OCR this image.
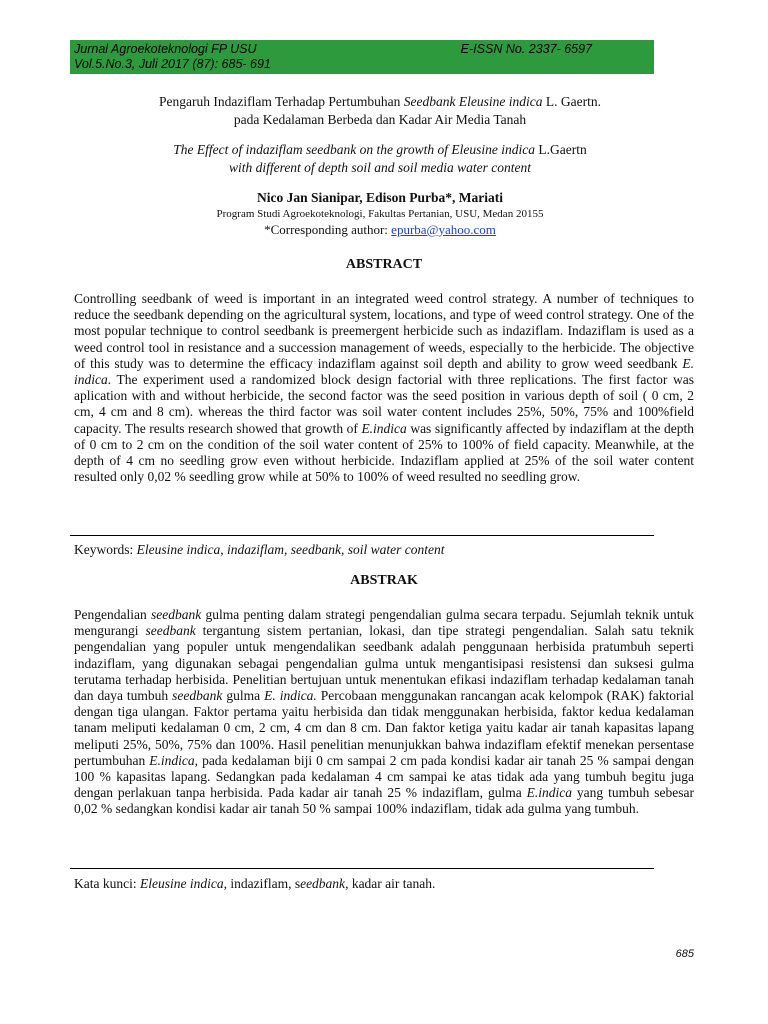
Jurnal Agroekoteknologi FP USU	E-ISSN No. 2337- 6597
Vol.5.No.3, Juli 2017 (87): 685- 691
Pengaruh Indaziflam Terhadap Pertumbuhan Seedbank Eleusine indica L. Gaertn.
pada Kedalaman Berbeda dan Kadar Air Media Tanah
The Effect of indaziflam seedbank on the growth of Eleusine indica L.Gaertn
with different of depth soil and soil media water content
Nico Jan Sianipar, Edison Purba*, Mariati
Program Studi Agroekoteknologi, Fakultas Pertanian, USU, Medan 20155
*Corresponding author: epurba@yahoo.com
ABSTRACT
Controlling seedbank of weed is important in an integrated weed control strategy. A number of techniques to reduce the seedbank depending on the agricultural system, locations, and type of weed control strategy. One of the most popular technique to control seedbank is preemergent herbicide such as indaziflam. Indaziflam is used as a weed control tool in resistance and a succession management of weeds, especially to the herbicide. The objective of this study was to determine the efficacy indaziflam against soil depth and ability to grow weed seedbank E. indica. The experiment used a randomized block design factorial with three replications. The first factor was aplication with and without herbicide, the second factor was the seed position in various depth of soil ( 0 cm, 2 cm, 4 cm and 8 cm). whereas the third factor was soil water content includes 25%, 50%, 75% and 100%field capacity. The results research showed that growth of E.indica was significantly affected by indaziflam at the depth of 0 cm to 2 cm on the condition of the soil water content of 25% to 100% of field capacity. Meanwhile, at the depth of 4 cm no seedling grow even without herbicide. Indaziflam applied at 25% of the soil water content resulted only 0,02 % seedling grow while at 50% to 100% of weed resulted no seedling grow.
Keywords: Eleusine indica, indaziflam, seedbank, soil water content
ABSTRAK
Pengendalian seedbank gulma penting dalam strategi pengendalian gulma secara terpadu. Sejumlah teknik untuk mengurangi seedbank tergantung sistem pertanian, lokasi, dan tipe strategi pengendalian. Salah satu teknik pengendalian yang populer untuk mengendalikan seedbank adalah penggunaan herbisida pratumbuh seperti indaziflam, yang digunakan sebagai pengendalian gulma untuk mengantisipasi resistensi dan suksesi gulma terutama terhadap herbisida. Penelitian bertujuan untuk menentukan efikasi indaziflam terhadap kedalaman tanah dan daya tumbuh seedbank gulma E. indica. Percobaan menggunakan rancangan acak kelompok (RAK) faktorial dengan tiga ulangan. Faktor pertama yaitu herbisida dan tidak menggunakan herbisida, faktor kedua kedalaman tanam meliputi kedalaman 0 cm, 2 cm, 4 cm dan 8 cm. Dan faktor ketiga yaitu kadar air tanah kapasitas lapang meliputi 25%, 50%, 75% dan 100%. Hasil penelitian menunjukkan bahwa indaziflam efektif menekan persentase pertumbuhan E.indica, pada kedalaman biji 0 cm sampai 2 cm pada kondisi kadar air tanah 25 % sampai dengan 100 % kapasitas lapang. Sedangkan pada kedalaman 4 cm sampai ke atas tidak ada yang tumbuh begitu juga dengan perlakuan tanpa herbisida. Pada kadar air tanah 25 % indaziflam, gulma E.indica yang tumbuh sebesar 0,02 % sedangkan kondisi kadar air tanah 50 % sampai 100% indaziflam, tidak ada gulma yang tumbuh.
Kata kunci: Eleusine indica, indaziflam, seedbank, kadar air tanah.
685
